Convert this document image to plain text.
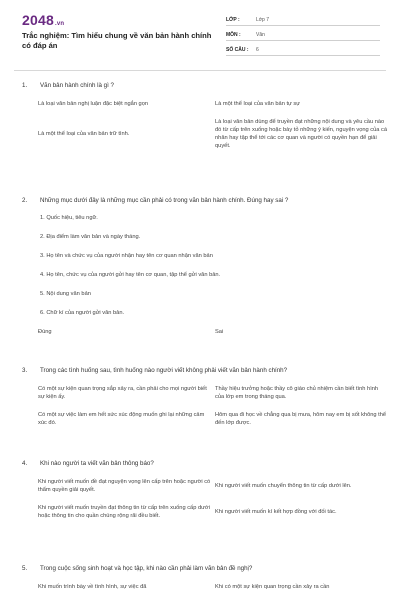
2048.vn
Trắc nghiệm: Tìm hiểu chung về văn bản hành chính có đáp án
LỚP :	Lớp 7
MÔN :	Văn
SỐ CÂU : 6
1. Văn bản hành chính là gì ?
Là loại văn bản nghị luận đặc biệt ngắn gọn	Là một thể loại của văn bản tự sự
Là một thể loại của văn bản trữ tình.
Là loại văn bản dùng để truyền đạt những nội dung và yêu cầu nào đó từ cấp trên xuống hoặc bày tỏ những ý kiến, nguyện vọng của cá nhân hay tập thể tới các cơ quan và người có quyền hạn để giải quyết.
2. Những mục dưới đây là những mục cần phải có trong văn bản hành chính. Đúng hay sai ?
1. Quốc hiệu, tiêu ngữ.
2. Địa điểm làm văn bản và ngày tháng.
3. Họ tên và chức vụ của người nhận hay tên cơ quan nhận văn bản
4. Họ tên, chức vụ của người gửi hay tên cơ quan, tập thể gửi văn bản.
5. Nội dung văn bản
6. Chữ kí của người gửi văn bản.
Đúng	Sai
3. Trong các tình huống sau, tình huống nào người viết không phải viết văn bản hành chính?
Có một sự kiện quan trọng sắp xảy ra, cần phải cho mọi người biết sự kiện ấy.
Thầy hiệu trưởng hoặc thầy cô giáo chủ nhiệm cần biết tình hình của lớp em trong tháng qua.
Có một sự việc làm em hết sức xúc động muốn ghi lại những cảm xúc đó.
Hôm qua đi học về chẳng qua bị mưa, hôm nay em bị sốt không thể đến lớp được.
4. Khi nào người ta viết văn bản thông báo?
Khi người viết muốn đề đạt nguyện vọng lên cấp trên hoặc người có thẩm quyền giải quyết.
Khi người viết muốn chuyển thông tin từ cấp dưới lên.
Khi người viết muốn truyền đạt thông tin từ cấp trên xuống cấp dưới hoặc thông tin cho quần chúng rộng rãi đều biết.
Khi người viết muốn kí kết hợp đồng với đối tác.
5. Trong cuộc sống sinh hoạt và học tập, khi nào cần phải làm văn bản đề nghị?
Khi muốn trình bày về tình hình, sự việc đã	Khi có một sự kiện quan trọng cần xảy ra cần
